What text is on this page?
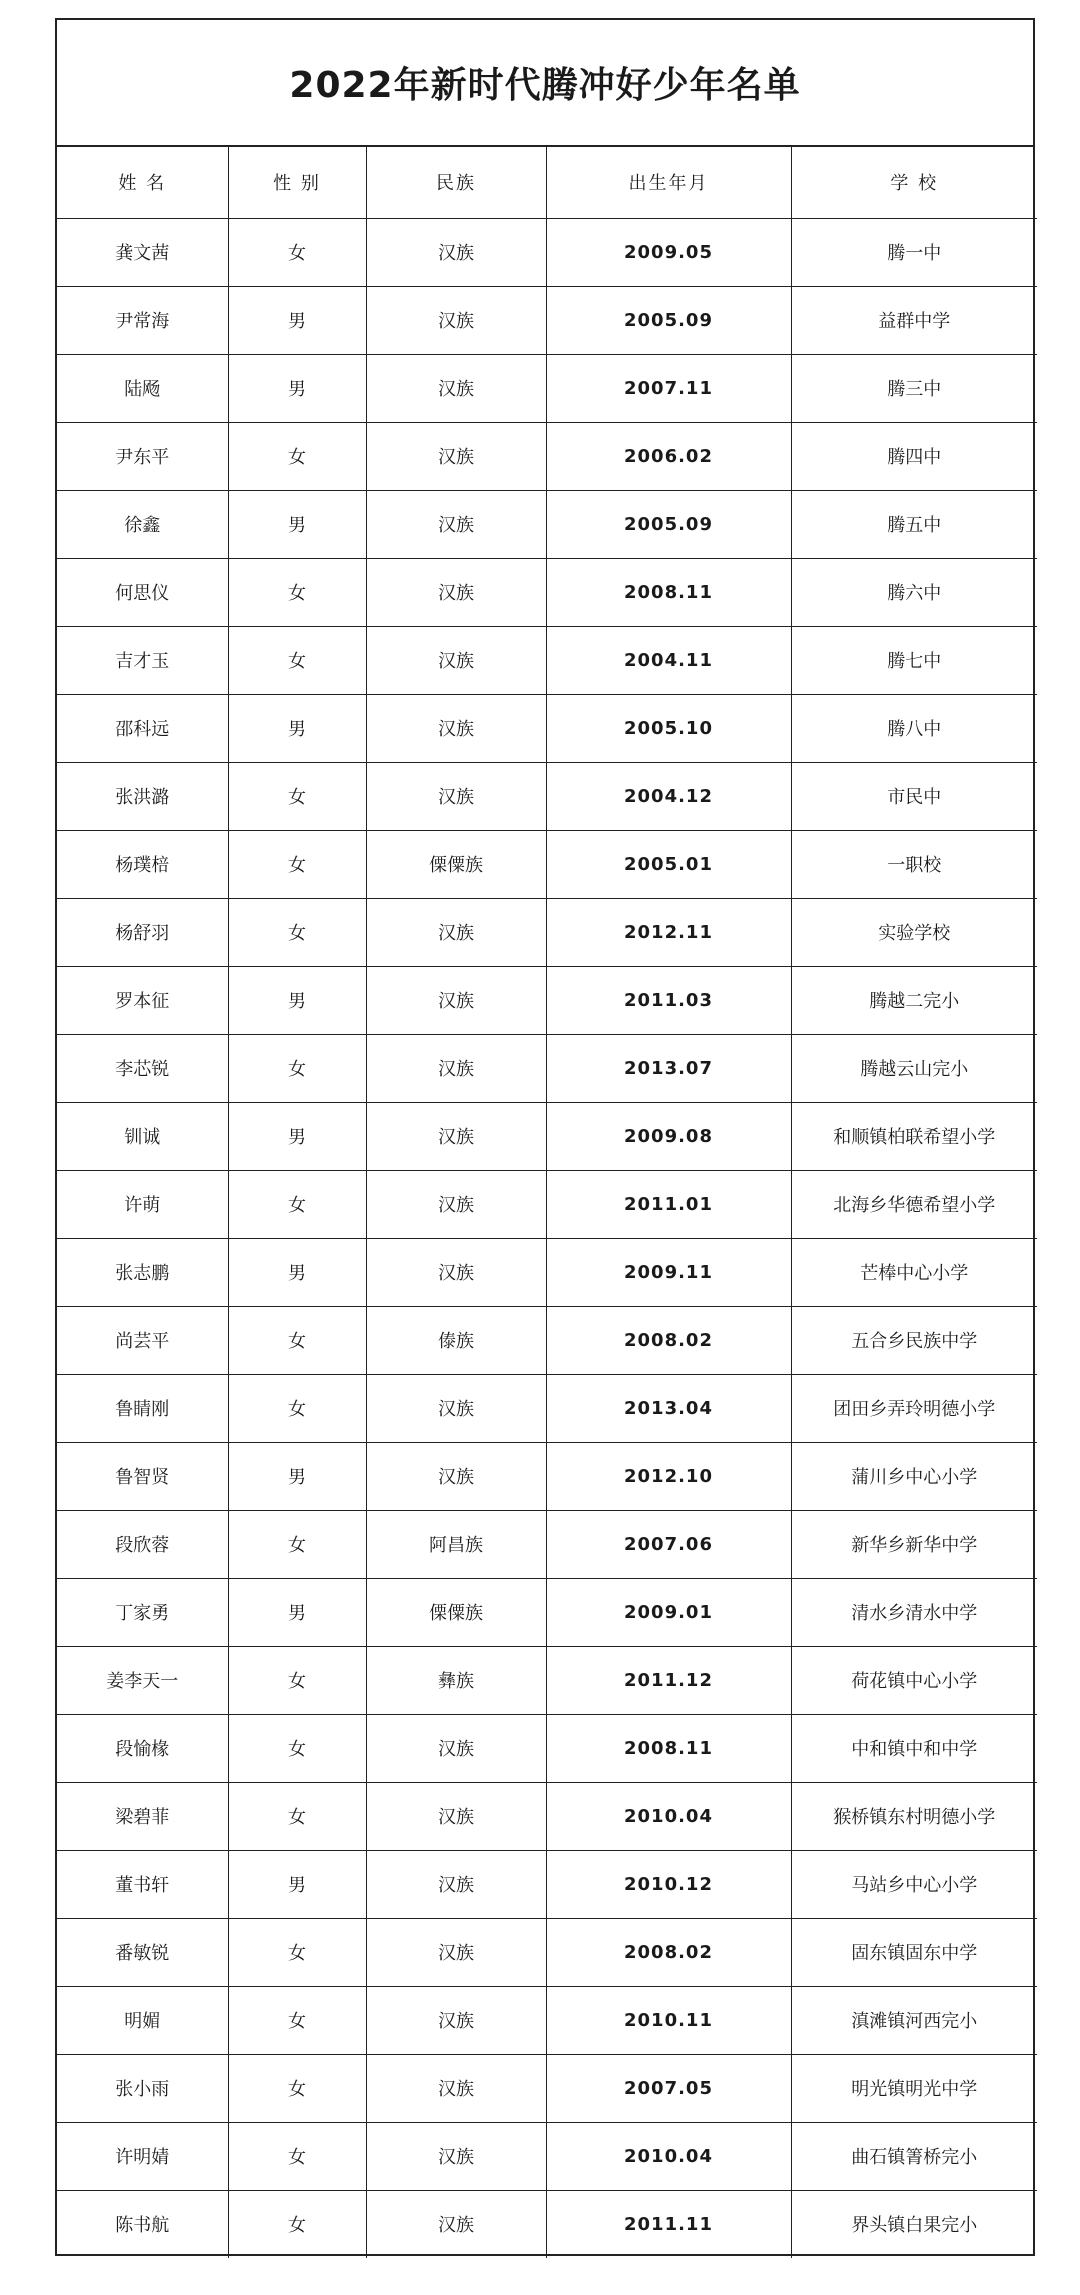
2022年新时代腾冲好少年名单
姓 名	性 别	民族	出生年月	学 校
龚文茜	女	汉族	2009.05	腾一中
尹常海	男	汉族	2005.09	益群中学
陆飏	男	汉族	2007.11	腾三中
尹东平	女	汉族	2006.02	腾四中
徐鑫	男	汉族	2005.09	腾五中
何思仪	女	汉族	2008.11	腾六中
吉才玉	女	汉族	2004.11	腾七中
邵科远	男	汉族	2005.10	腾八中
张洪潞	女	汉族	2004.12	市民中
杨璞棓	女	傈僳族	2005.01	一职校
杨舒羽	女	汉族	2012.11	实验学校
罗本征	男	汉族	2011.03	腾越二完小
李芯锐	女	汉族	2013.07	腾越云山完小
钏诚	男	汉族	2009.08	和顺镇柏联希望小学
许萌	女	汉族	2011.01	北海乡华德希望小学
张志鹏	男	汉族	2009.11	芒棒中心小学
尚芸平	女	傣族	2008.02	五合乡民族中学
鲁睛刚	女	汉族	2013.04	团田乡弄玲明德小学
鲁智贤	男	汉族	2012.10	蒲川乡中心小学
段欣蓉	女	阿昌族	2007.06	新华乡新华中学
丁家勇	男	傈僳族	2009.01	清水乡清水中学
姜李天一	女	彝族	2011.12	荷花镇中心小学
段愉椽	女	汉族	2008.11	中和镇中和中学
梁碧菲	女	汉族	2010.04	猴桥镇东村明德小学
董书轩	男	汉族	2010.12	马站乡中心小学
番敏锐	女	汉族	2008.02	固东镇固东中学
明媚	女	汉族	2010.11	滇滩镇河西完小
张小雨	女	汉族	2007.05	明光镇明光中学
许明婧	女	汉族	2010.04	曲石镇箐桥完小
陈书航	女	汉族	2011.11	界头镇白果完小
